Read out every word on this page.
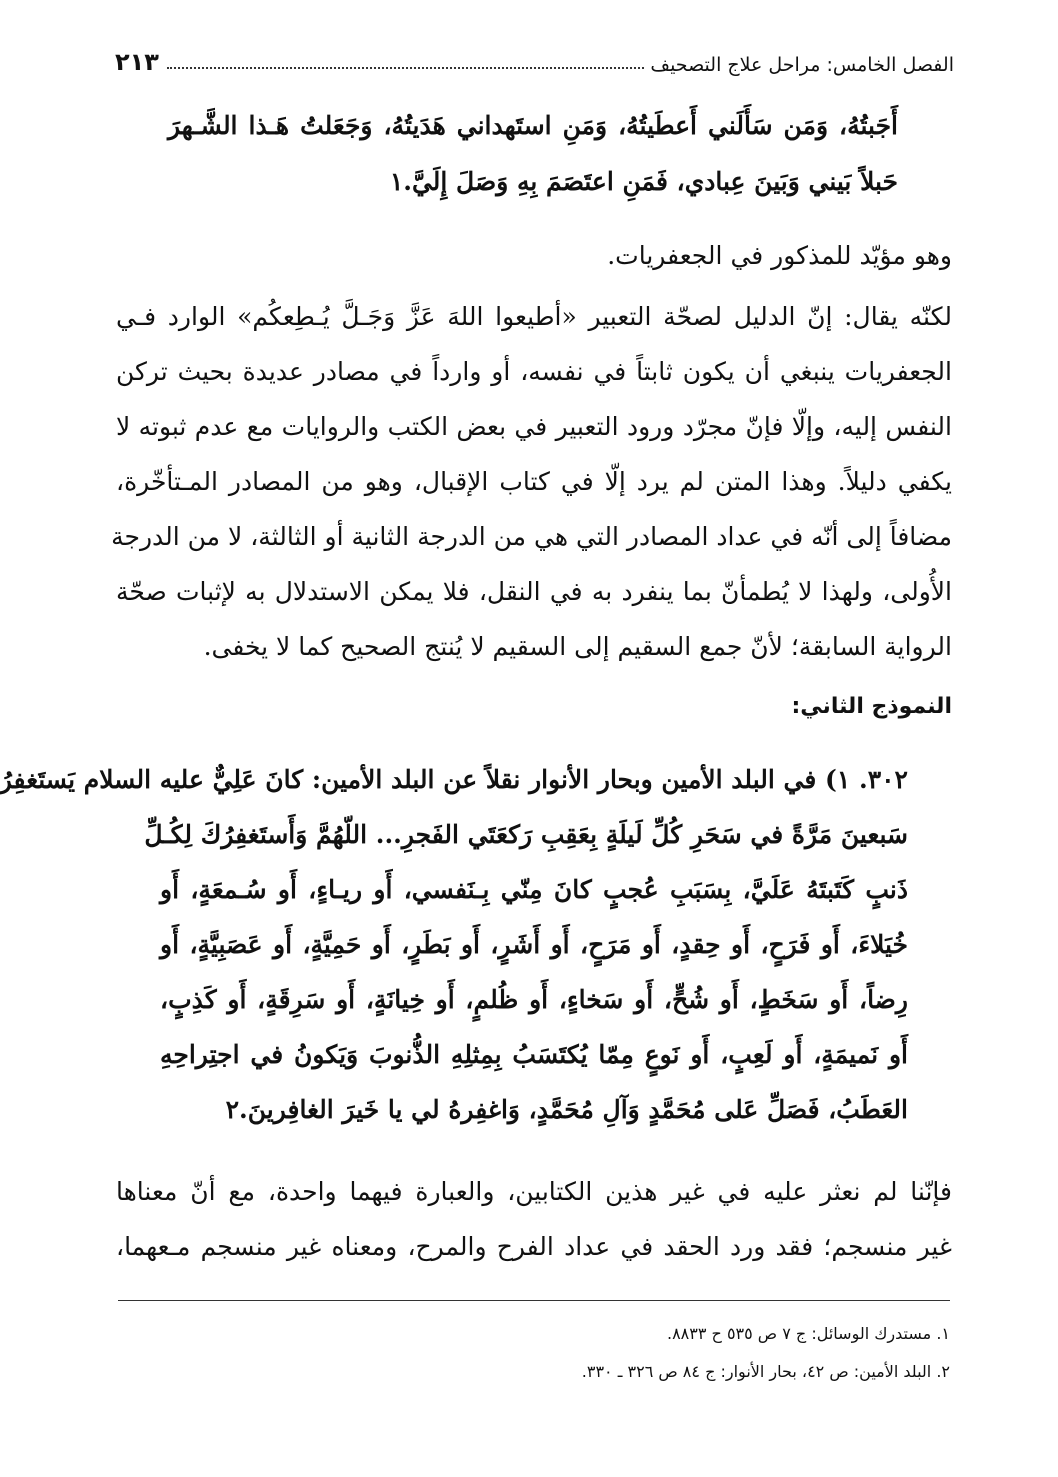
الفصل الخامس: مراحل علاج التصحيف
٢١٣
أَجَبتُهُ، وَمَن سَأَلَني أَعطَيتُهُ، وَمَنِ استَهداني هَدَيتُهُ، وَجَعَلتُ هَـذا الشَّـهرَ
حَبلاً بَيني وَبَينَ عِبادي، فَمَنِ اعتَصَمَ بِهِ وَصَلَ إِلَيَّ.١
وهو مؤيّد للمذكور في الجعفريات.
لكنّه يقال: إنّ الدليل لصحّة التعبير «أطيعوا اللهَ عَزَّ وَجَـلَّ يُـطِعكُم» الوارد فـي
الجعفريات ينبغي أن يكون ثابتاً في نفسه، أو وارداً في مصادر عديدة بحيث تركن
النفس إليه، وإلّا فإنّ مجرّد ورود التعبير في بعض الكتب والروايات مع عدم ثبوته لا
يكفي دليلاً. وهذا المتن لم يرد إلّا في كتاب الإقبال، وهو من المصادر المـتأخّرة،
مضافاً إلى أنّه في عداد المصادر التي هي من الدرجة الثانية أو الثالثة، لا من الدرجة
الأُولى، ولهذا لا يُطمأنّ بما ينفرد به في النقل، فلا يمكن الاستدلال به لإثبات صحّة
الرواية السابقة؛ لأنّ جمع السقيم إلى السقيم لا يُنتج الصحيح كما لا يخفى.
النموذج الثاني:
٣٠٢. ١) في البلد الأمين وبحار الأنوار نقلاً عن البلد الأمين: كانَ عَلِيٌّ عليه السلام يَستَغفِرُ
سَبعينَ مَرَّةً في سَحَرِ كُلِّ لَيلَةٍ بِعَقِبِ رَكعَتَي الفَجرِ... اللّهُمَّ وَأَستَغفِرُكَ لِكُـلِّ
ذَنبٍ كَتَبتَهُ عَلَيَّ، بِسَبَبِ عُجبٍ كانَ مِنّي بِـنَفسي، أَو ريـاءٍ، أَو سُـمعَةٍ، أَو
خُيَلاءَ، أَو فَرَحٍ، أَو حِقدٍ، أَو مَرَحٍ، أَو أَشَرٍ، أَو بَطَرٍ، أَو حَمِيَّةٍ، أَو عَصَبِيَّةٍ، أَو
رِضاً، أَو سَخَطٍ، أَو شُحٍّ، أَو سَخاءٍ، أَو ظُلمٍ، أَو خِيانَةٍ، أَو سَرِقَةٍ، أَو كَذِبٍ،
أَو نَميمَةٍ، أَو لَعِبٍ، أَو نَوعٍ مِمّا يُكتَسَبُ بِمِثلِهِ الذُّنوبَ وَيَكونُ في اجتِراحِهِ
العَطَبُ، فَصَلِّ عَلى مُحَمَّدٍ وَآلِ مُحَمَّدٍ، وَاغفِرهُ لي يا خَيرَ الغافِرينَ.٢
فإنّنا لم نعثر عليه في غير هذين الكتابين، والعبارة فيهما واحدة، مع أنّ معناها
غير منسجم؛ فقد ورد الحقد في عداد الفرح والمرح، ومعناه غير منسجم مـعهما،
١. مستدرك الوسائل: ج ٧ ص ٥٣٥ ح ٨٨٣٣.
٢. البلد الأمين: ص ٤٢، بحار الأنوار: ج ٨٤ ص ٣٢٦ ـ ٣٣٠.
